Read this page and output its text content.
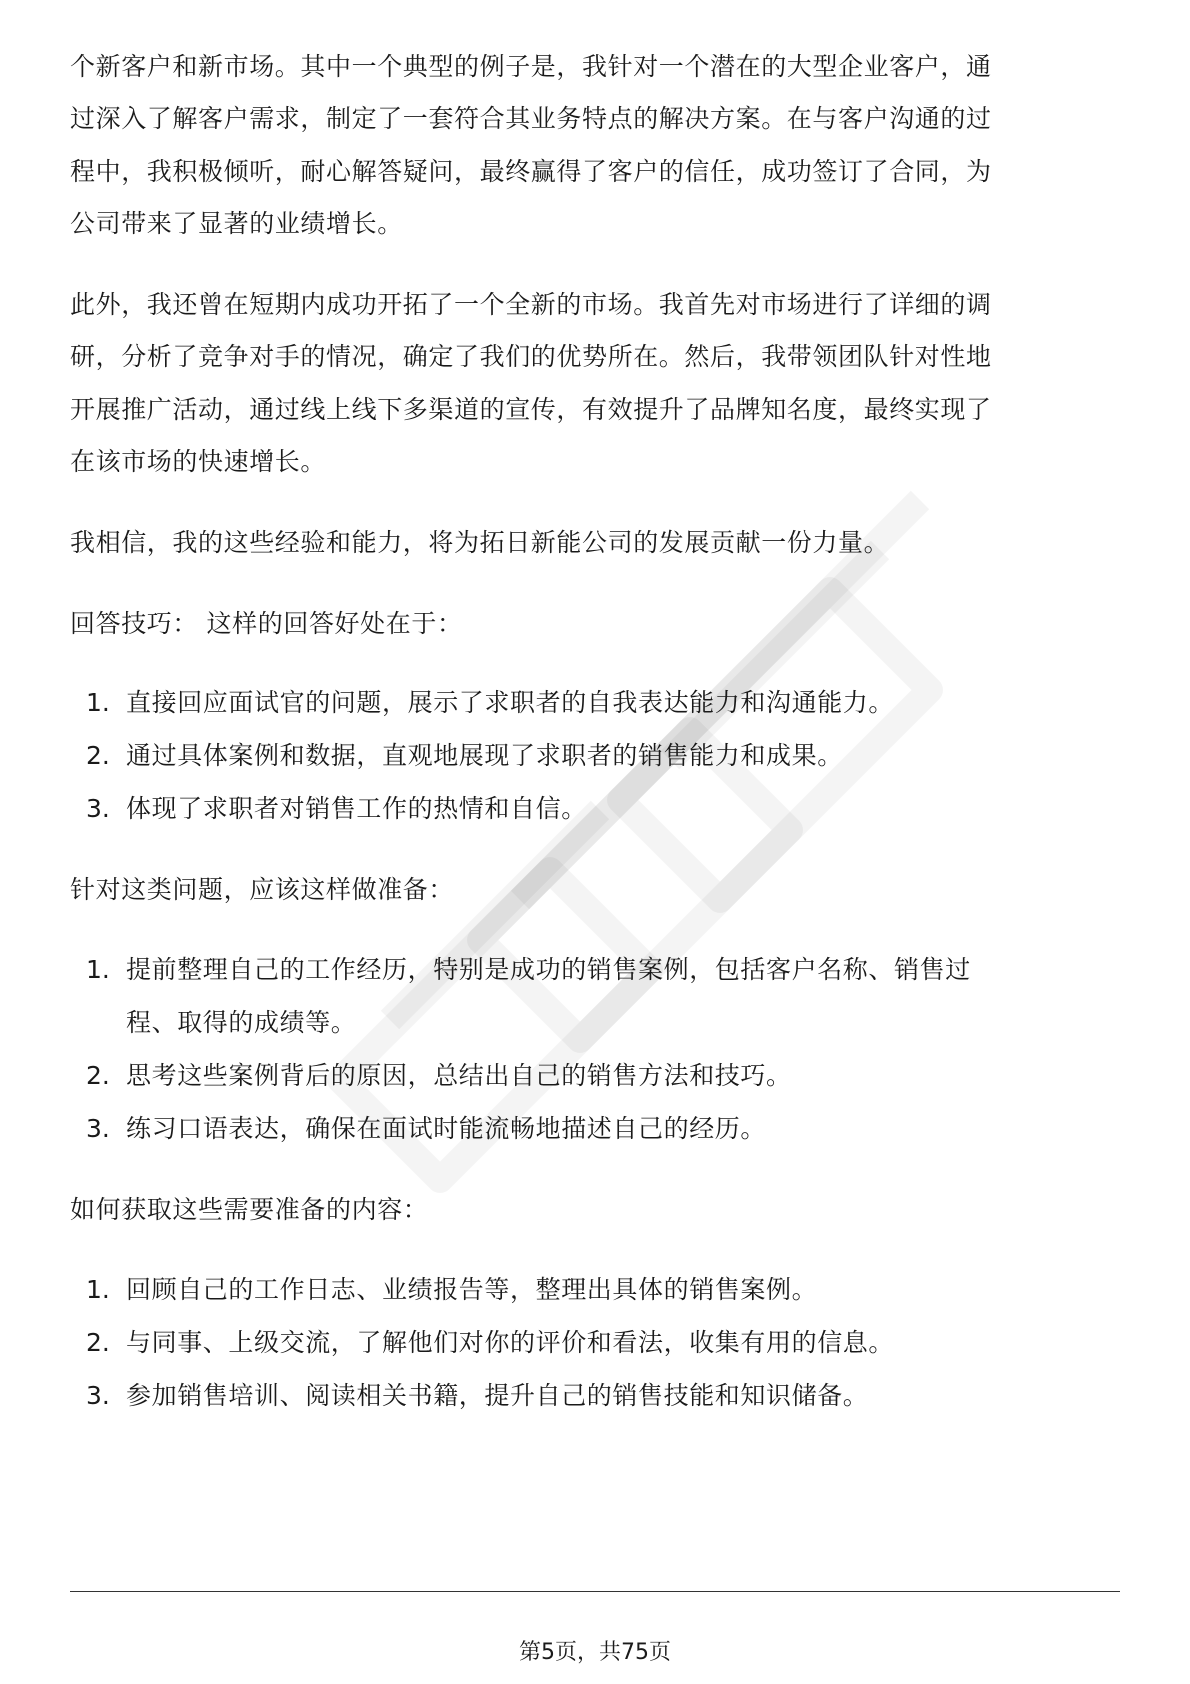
个新客户和新市场。其中一个典型的例子是，我针对一个潜在的大型企业客户，通
过深入了解客户需求，制定了一套符合其业务特点的解决方案。在与客户沟通的过
程中，我积极倾听，耐心解答疑问，最终赢得了客户的信任，成功签订了合同，为
公司带来了显著的业绩增长。
此外，我还曾在短期内成功开拓了一个全新的市场。我首先对市场进行了详细的调
研，分析了竞争对手的情况，确定了我们的优势所在。然后，我带领团队针对性地
开展推广活动，通过线上线下多渠道的宣传，有效提升了品牌知名度，最终实现了
在该市场的快速增长。
我相信，我的这些经验和能力，将为拓日新能公司的发展贡献一份力量。
回答技巧： 这样的回答好处在于：
1. 直接回应面试官的问题，展示了求职者的自我表达能力和沟通能力。
2. 通过具体案例和数据，直观地展现了求职者的销售能力和成果。
3. 体现了求职者对销售工作的热情和自信。
针对这类问题，应该这样做准备：
1. 提前整理自己的工作经历，特别是成功的销售案例，包括客户名称、销售过
程、取得的成绩等。
2. 思考这些案例背后的原因，总结出自己的销售方法和技巧。
3. 练习口语表达，确保在面试时能流畅地描述自己的经历。
如何获取这些需要准备的内容：
1. 回顾自己的工作日志、业绩报告等，整理出具体的销售案例。
2. 与同事、上级交流，了解他们对你的评价和看法，收集有用的信息。
3. 参加销售培训、阅读相关书籍，提升自己的销售技能和知识储备。
第5页，共75页
